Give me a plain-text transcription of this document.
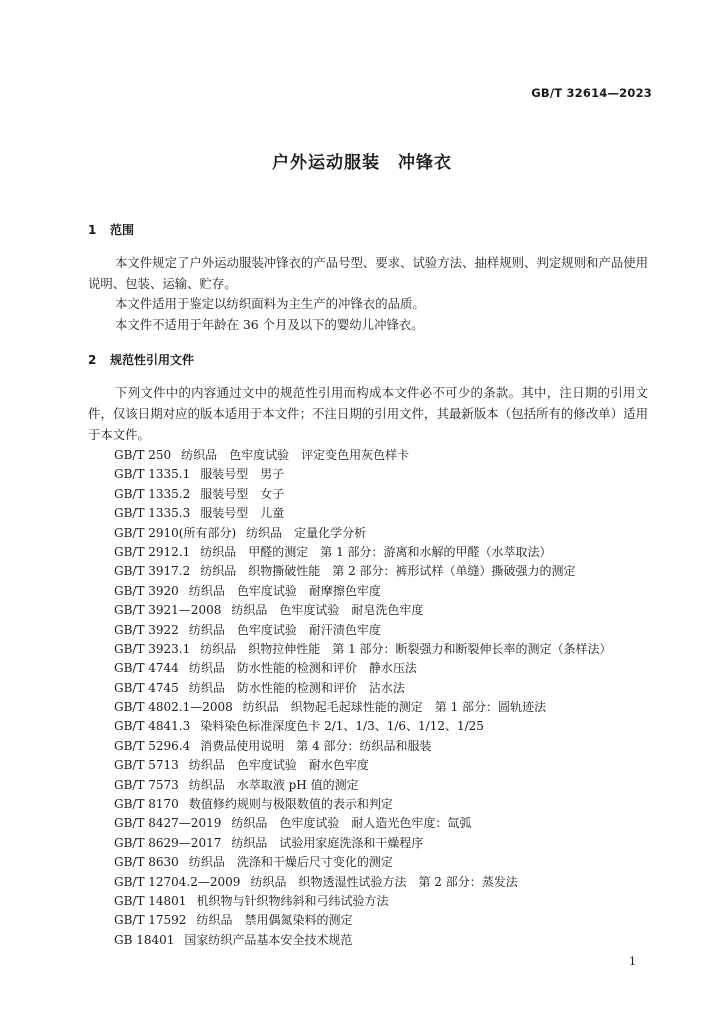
GB/T 32614—2023
户外运动服装　冲锋衣
1 范围
本文件规定了户外运动服装冲锋衣的产品号型、要求、试验方法、抽样规则、判定规则和产品使用说明、包装、运输、贮存。
本文件适用于鉴定以纺织面料为主生产的冲锋衣的品质。
本文件不适用于年龄在 36 个月及以下的婴幼儿冲锋衣。
2 规范性引用文件
下列文件中的内容通过文中的规范性引用而构成本文件必不可少的条款。其中，注日期的引用文件，仅该日期对应的版本适用于本文件；不注日期的引用文件，其最新版本（包括所有的修改单）适用于本文件。
GB/T 250 纺织品　色牢度试验　评定变色用灰色样卡
GB/T 1335.1 服装号型　男子
GB/T 1335.2 服装号型　女子
GB/T 1335.3 服装号型　儿童
GB/T 2910(所有部分) 纺织品　定量化学分析
GB/T 2912.1 纺织品　甲醛的测定　第 1 部分：游离和水解的甲醛（水萃取法）
GB/T 3917.2 纺织品　织物撕破性能　第 2 部分：裤形试样（单缝）撕破强力的测定
GB/T 3920 纺织品　色牢度试验　耐摩擦色牢度
GB/T 3921—2008 纺织品　色牢度试验　耐皂洗色牢度
GB/T 3922 纺织品　色牢度试验　耐汗渍色牢度
GB/T 3923.1 纺织品　织物拉伸性能　第 1 部分：断裂强力和断裂伸长率的测定（条样法）
GB/T 4744 纺织品　防水性能的检测和评价　静水压法
GB/T 4745 纺织品　防水性能的检测和评价　沾水法
GB/T 4802.1—2008 纺织品　织物起毛起球性能的测定　第 1 部分：圆轨迹法
GB/T 4841.3 染料染色标准深度色卡 2/1、1/3、1/6、1/12、1/25
GB/T 5296.4 消费品使用说明　第 4 部分：纺织品和服装
GB/T 5713 纺织品　色牢度试验　耐水色牢度
GB/T 7573 纺织品　水萃取液 pH 值的测定
GB/T 8170 数值修约规则与极限数值的表示和判定
GB/T 8427—2019 纺织品　色牢度试验　耐人造光色牢度：氙弧
GB/T 8629—2017 纺织品　试验用家庭洗涤和干燥程序
GB/T 8630 纺织品　洗涤和干燥后尺寸变化的测定
GB/T 12704.2—2009 纺织品　织物透湿性试验方法　第 2 部分：蒸发法
GB/T 14801 机织物与针织物纬斜和弓纬试验方法
GB/T 17592 纺织品　禁用偶氮染料的测定
GB 18401 国家纺织产品基本安全技术规范
1
